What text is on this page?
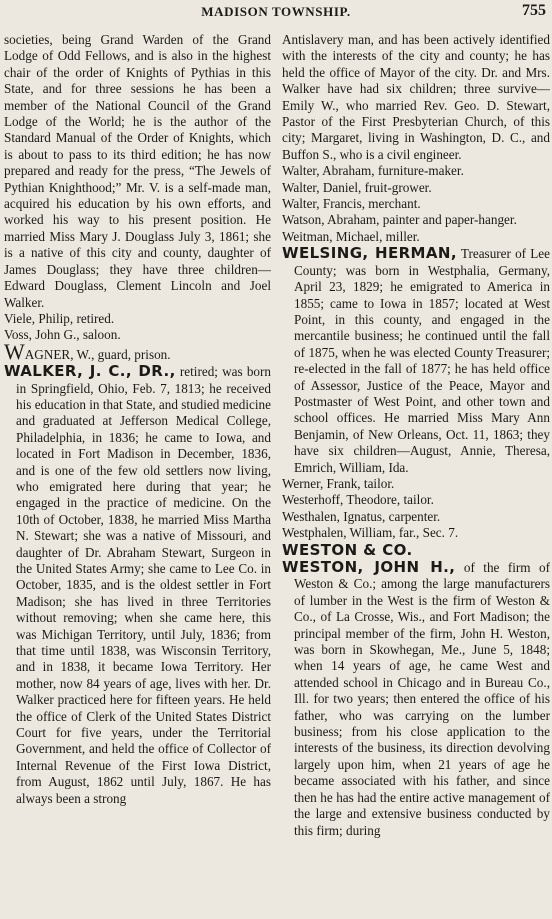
MADISON TOWNSHIP.	755

societies, being Grand Warden of the Grand Lodge of Odd Fellows, and is also in the highest chair of the order of Knights of Pythias in this State, and for three sessions he has been a member of the National Council of the Grand Lodge of the World; he is the author of the Standard Manual of the Order of Knights, which is about to pass to its third edition; he has now prepared and ready for the press, “The Jewels of Pythian Knighthood;” Mr. V. is a self-made man, acquired his education by his own efforts, and worked his way to his present position. He married Miss Mary J. Douglass July 3, 1861; she is a native of this city and county, daughter of James Douglass; they have three children—Edward Douglass, Clement Lincoln and Joel Walker.

Viele, Philip, retired.

Voss, John G., saloon.

WAGNER, W., guard, prison.

WALKER, J. C., DR., retired; was born in Springfield, Ohio, Feb. 7, 1813; he received his education in that State, and studied medicine and graduated at Jefferson Medical College, Philadelphia, in 1836; he came to Iowa, and located in Fort Madison in December, 1836, and is one of the few old settlers now living, who emigrated here during that year; he engaged in the practice of medicine. On the 10th of October, 1838, he married Miss Martha N. Stewart; she was a native of Missouri, and daughter of Dr. Abraham Stewart, Surgeon in the United States Army; she came to Lee Co. in October, 1835, and is the oldest settler in Fort Madison; she has lived in three Territories without removing; when she came here, this was Michigan Territory, until July, 1836; from that time until 1838, was Wisconsin Territory, and in 1838, it became Iowa Territory. Her mother, now 84 years of age, lives with her. Dr. Walker practiced here for fifteen years. He held the office of Clerk of the United States District Court for five years, under the Territorial Government, and held the office of Collector of Internal Revenue of the First Iowa District, from August, 1862 until July, 1867. He has always been a strong

Antislavery man, and has been actively identified with the interests of the city and county; he has held the office of Mayor of the city. Dr. and Mrs. Walker have had six children; three survive—Emily W., who married Rev. Geo. D. Stewart, Pastor of the First Presbyterian Church, of this city; Margaret, living in Washington, D. C., and Buffon S., who is a civil engineer.

Walter, Abraham, furniture-maker.

Walter, Daniel, fruit-grower.

Walter, Francis, merchant.

Watson, Abraham, painter and paper-hanger.

Weitman, Michael, miller.

WELSING, HERMAN, Treasurer of Lee County; was born in Westphalia, Germany, April 23, 1829; he emigrated to America in 1855; came to Iowa in 1857; located at West Point, in this county, and engaged in the mercantile business; he continued until the fall of 1875, when he was elected County Treasurer; re-elected in the fall of 1877; he has held office of Assessor, Justice of the Peace, Mayor and Postmaster of West Point, and other town and school offices. He married Miss Mary Ann Benjamin, of New Orleans, Oct. 11, 1863; they have six children—August, Annie, Theresa, Emrich, William, Ida.

Werner, Frank, tailor.

Westerhoff, Theodore, tailor.

Westhalen, Ignatus, carpenter.

Westphalen, William, far., Sec. 7.

WESTON & CO.

WESTON, JOHN H., of the firm of Weston & Co.; among the large manufacturers of lumber in the West is the firm of Weston & Co., of La Crosse, Wis., and Fort Madison; the principal member of the firm, John H. Weston, was born in Skowhegan, Me., June 5, 1848; when 14 years of age, he came West and attended school in Chicago and in Bureau Co., Ill. for two years; then entered the office of his father, who was carrying on the lumber business; from his close application to the interests of the business, its direction devolving largely upon him, when 21 years of age he became associated with his father, and since then he has had the entire active management of the large and extensive business conducted by this firm; during
